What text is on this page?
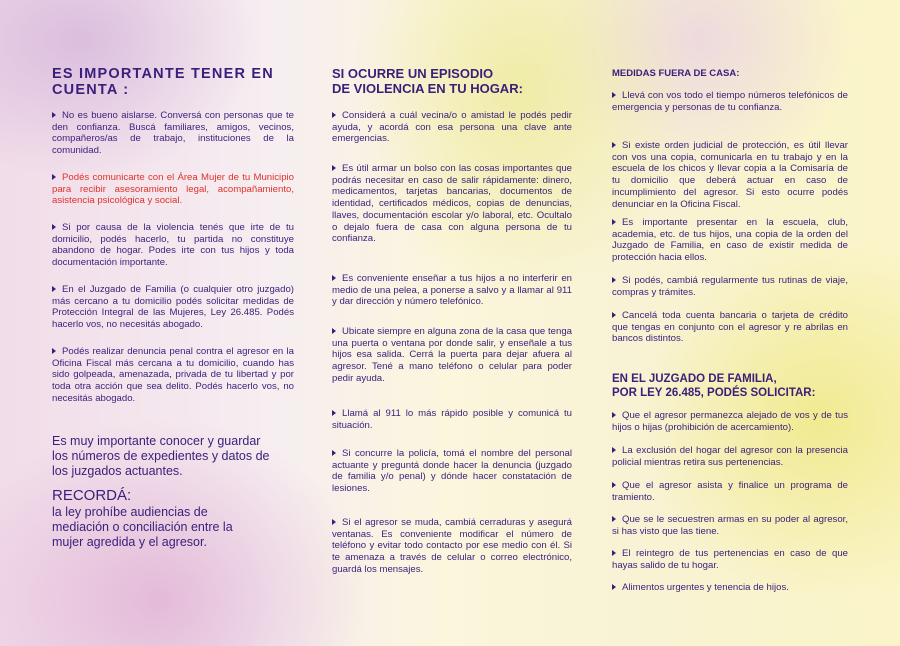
ES IMPORTANTE TENER EN CUENTA :

No es bueno aislarse. Conversá con personas que te den confianza. Buscá familiares, amigos, vecinos, compañeros/as de trabajo, instituciones de la comunidad.

Podés comunicarte con el Área Mujer de tu Municipio para recibir asesoramiento legal, acompañamiento, asistencia psicológica y social.

Si por causa de la violencia tenés que irte de tu domicilio, podés hacerlo, tu partida no constituye abandono de hogar. Podes irte con tus hijos y toda documentación importante.

En el Juzgado de Familia (o cualquier otro juzgado) más cercano a tu domicilio podés solicitar medidas de Protección Integral de las Mujeres, Ley 26.485. Podés hacerlo vos, no necesitás abogado.

Podés realizar denuncia penal contra el agresor en la Oficina Fiscal más cercana a tu domicilio, cuando has sido golpeada, amenazada, privada de tu libertad y por toda otra acción que sea delito. Podés hacerlo vos, no necesitás abogado.

Es muy importante conocer y guardar los números de expedientes y datos de los juzgados actuantes.

RECORDÁ:

la ley prohíbe audiencias de mediación o conciliación entre la mujer agredida y el agresor.

SI OCURRE UN EPISODIO
DE VIOLENCIA EN TU HOGAR:

Considerá a cuál vecina/o o amistad le podés pedir ayuda, y acordá con esa persona una clave ante emergencias.

Es útil armar un bolso con las cosas importantes que podrás necesitar en caso de salir rápidamente: dinero, medicamentos, tarjetas bancarias, documentos de identidad, certificados médicos, copias de denuncias, llaves, documentación escolar y/o laboral, etc. Ocultalo o dejalo fuera de casa con alguna persona de tu confianza.

Es conveniente enseñar a tus hijos a no interferir en medio de una pelea, a ponerse a salvo y a llamar al 911 y dar dirección y número telefónico.

Ubicate siempre en alguna zona de la casa que tenga una puerta o ventana por donde salir, y enseñale a tus hijos esa salida. Cerrá la puerta para dejar afuera al agresor. Tené a mano teléfono o celular para poder pedir ayuda.

Llamá al 911 lo más rápido posible y comunicá tu situación.

Si concurre la policía, tomá el nombre del personal actuante y preguntá donde hacer la denuncia (juzgado de familia y/o penal) y dónde hacer constatación de lesiones.

Si el agresor se muda, cambiá cerraduras y asegurá ventanas. Es conveniente modificar el número de teléfono y evitar todo contacto por ese medio con él. Si te amenaza a través de celular o correo electrónico, guardá los mensajes.

MEDIDAS FUERA DE CASA:

Llevá con vos todo el tiempo números telefónicos de emergencia y personas de tu confianza.

Si existe orden judicial de protección, es útil llevar con vos una copia, comunicarla en tu trabajo y en la escuela de los chicos y llevar copia a la Comisaría de tu domicilio que deberá actuar en caso de incumplimiento del agresor. Si esto ocurre podés denunciar en la Oficina Fiscal.

Es importante presentar en la escuela, club, academia, etc. de tus hijos, una copia de la orden del Juzgado de Familia, en caso de existir medida de protección hacia ellos.

Si podés, cambiá regularmente tus rutinas de viaje, compras y trámites.

Cancelá toda cuenta bancaria o tarjeta de crédito que tengas en conjunto con el agresor y re abrilas en bancos distintos.

EN EL JUZGADO DE FAMILIA,
POR LEY 26.485, PODÉS SOLICITAR:

Que el agresor permanezca alejado de vos y de tus hijos o hijas (prohibición de acercamiento).

La exclusión del hogar del agresor con la presencia policial mientras retira sus pertenencias.

Que el agresor asista y finalice un programa de tramiento.

Que se le secuestren armas en su poder al agresor, si has visto que las tiene.

El reintegro de tus pertenencias en caso de que hayas salido de tu hogar.

Alimentos urgentes y tenencia de hijos.
